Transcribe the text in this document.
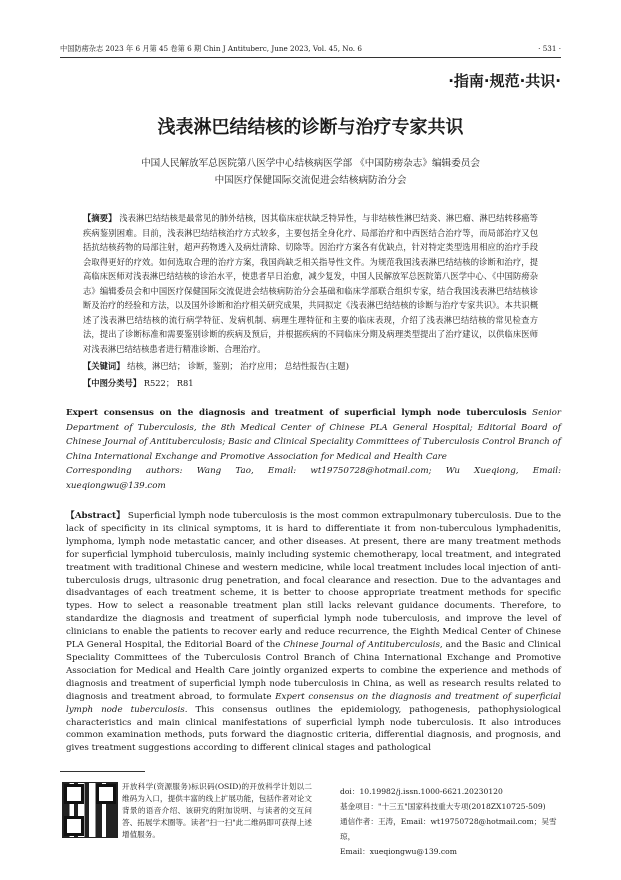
中国防痨杂志 2023 年 6 月第 45 卷第 6 期 Chin J Antituberc, June 2023, Vol. 45, No. 6	· 531 ·
·指南·规范·共识·
浅表淋巴结结核的诊断与治疗专家共识
中国人民解放军总医院第八医学中心结核病医学部 《中国防痨杂志》编辑委员会
中国医疗保健国际交流促进会结核病防治分会
【摘要】 浅表淋巴结结核是最常见的肺外结核，因其临床症状缺乏特异性，与非结核性淋巴结炎、淋巴瘤、淋巴结转移癌等疾病鉴别困难。目前，浅表淋巴结结核治疗方式较多，主要包括全身化疗、局部治疗和中西医结合治疗等，而局部治疗又包括抗结核药物的局部注射，超声药物透入及病灶清除、切除等。因治疗方案各有优缺点，针对特定类型选用相应的治疗手段会取得更好的疗效。如何选取合理的治疗方案，我国尚缺乏相关指导性文件。为规范我国浅表淋巴结结核的诊断和治疗，提高临床医师对浅表淋巴结结核的诊治水平，使患者早日治愈，减少复发，中国人民解放军总医院第八医学中心、《中国防痨杂志》编辑委员会和中国医疗保健国际交流促进会结核病防治分会基础和临床学部联合组织专家，结合我国浅表淋巴结结核诊断及治疗的经验和方法，以及国外诊断和治疗相关研究成果，共同拟定《浅表淋巴结结核的诊断与治疗专家共识》。本共识概述了浅表淋巴结结核的流行病学特征、发病机制、病理生理特征和主要的临床表现，介绍了浅表淋巴结结核的常见检查方法，提出了诊断标准和需要鉴别诊断的疾病及预后，并根据疾病的不同临床分期及病理类型提出了治疗建议，以供临床医师对浅表淋巴结结核患者进行精准诊断、合理治疗。
【关键词】 结核，淋巴结； 诊断，鉴别； 治疗应用； 总结性报告(主题)
【中图分类号】 R522； R81
Expert consensus on the diagnosis and treatment of superficial lymph node tuberculosis Senior Department of Tuberculosis, the 8th Medical Center of Chinese PLA General Hospital; Editorial Board of Chinese Journal of Antituberculosis; Basic and Clinical Speciality Committees of Tuberculosis Control Branch of China International Exchange and Promotive Association for Medical and Health Care
Corresponding authors: Wang Tao, Email: wt19750728@hotmail.com; Wu Xueqiong, Email: xueqiongwu@139.com
【Abstract】 Superficial lymph node tuberculosis is the most common extrapulmonary tuberculosis. Due to the lack of specificity in its clinical symptoms, it is hard to differentiate it from non-tuberculous lymphadenitis, lymphoma, lymph node metastatic cancer, and other diseases. At present, there are many treatment methods for superficial lymphoid tuberculosis, mainly including systemic chemotherapy, local treatment, and integrated treatment with traditional Chinese and western medicine, while local treatment includes local injection of anti-tuberculosis drugs, ultrasonic drug penetration, and focal clearance and resection. Due to the advantages and disadvantages of each treatment scheme, it is better to choose appropriate treatment methods for specific types. How to select a reasonable treatment plan still lacks relevant guidance documents. Therefore, to standardize the diagnosis and treatment of superficial lymph node tuberculosis, and improve the level of clinicians to enable the patients to recover early and reduce recurrence, the Eighth Medical Center of Chinese PLA General Hospital, the Editorial Board of the Chinese Journal of Antituberculosis, and the Basic and Clinical Speciality Committees of the Tuberculosis Control Branch of China International Exchange and Promotive Association for Medical and Health Care jointly organized experts to combine the experience and methods of diagnosis and treatment of superficial lymph node tuberculosis in China, as well as research results related to diagnosis and treatment abroad, to formulate Expert consensus on the diagnosis and treatment of superficial lymph node tuberculosis. This consensus outlines the epidemiology, pathogenesis, pathophysiological characteristics and main clinical manifestations of superficial lymph node tuberculosis. It also introduces common examination methods, puts forward the diagnostic criteria, differential diagnosis, and prognosis, and gives treatment suggestions according to different clinical stages and pathological
开放科学(资源服务)标识码(OSID)的开放科学计划以二维码为入口，提供丰富的线上扩展功能，包括作者对论文背景的语音介绍、该研究的附加说明、与读者的交互问答、拓展学术圈等。读者"扫一扫"此二维码即可获得上述增值服务。
doi：10.19982/j.issn.1000-6621.20230120
基金项目："十三五"国家科技重大专项(2018ZX10725-509)
通信作者：王涛，Email：wt19750728@hotmail.com；吴雪琼，
Email：xueqiongwu@139.com
